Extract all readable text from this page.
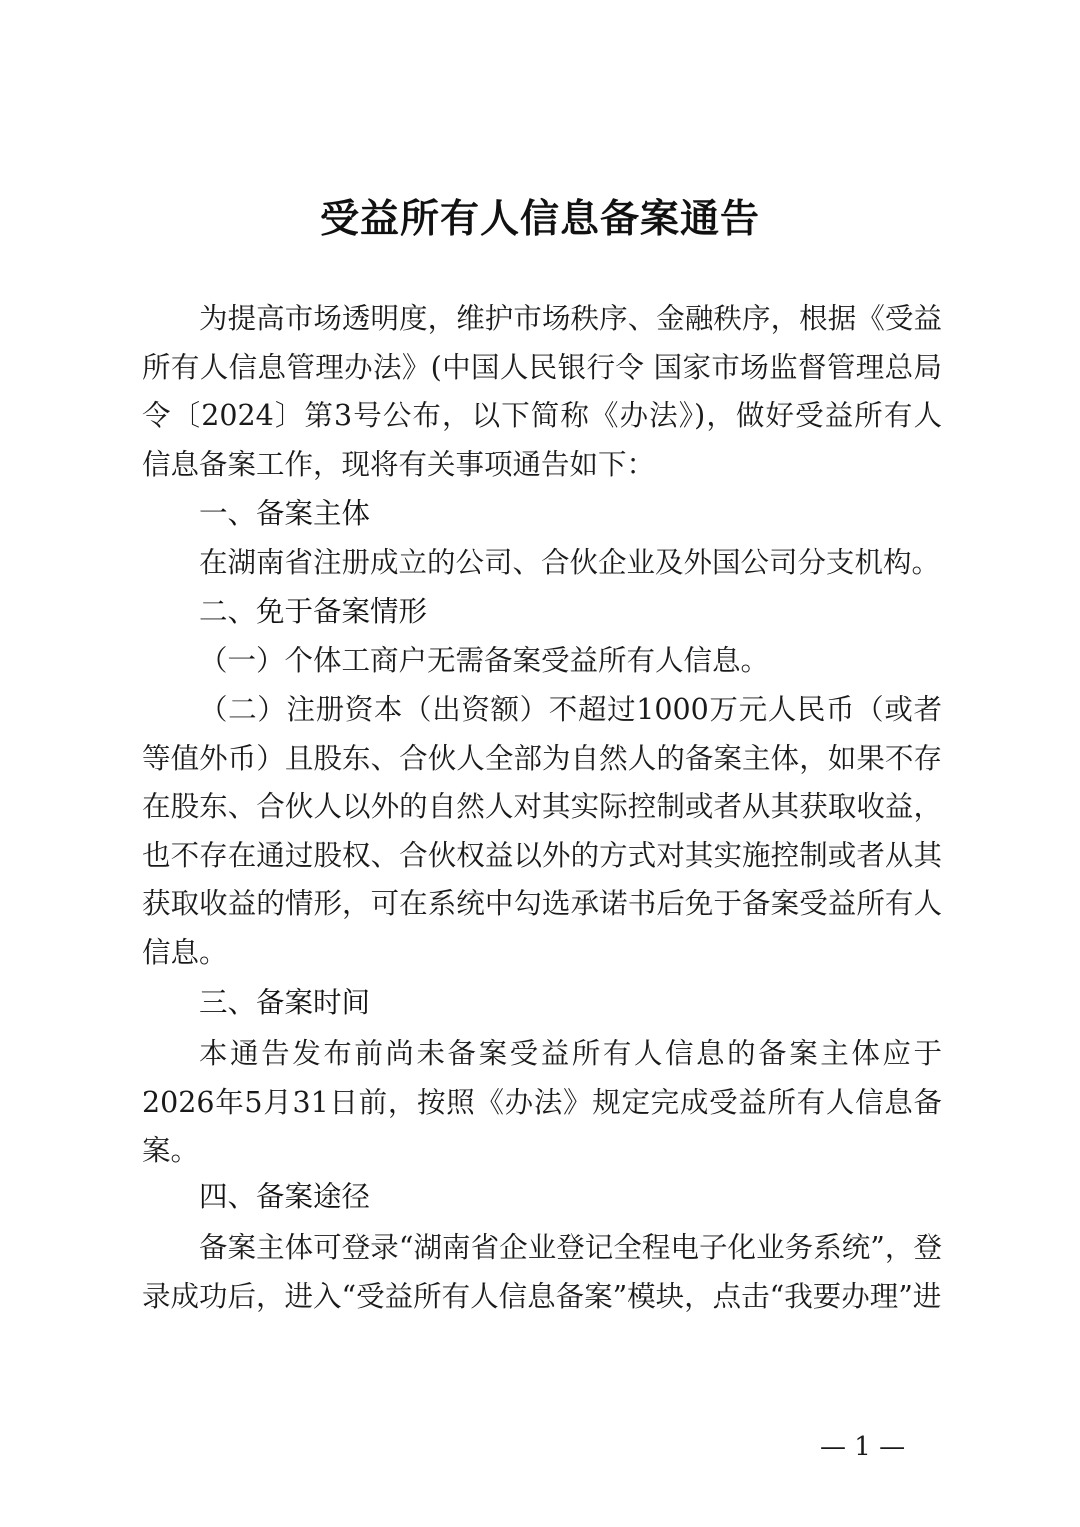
受益所有人信息备案通告
为提高市场透明度，维护市场秩序、金融秩序，根据《受益所有人信息管理办法》(中国人民银行令 国家市场监督管理总局令〔2024〕第3号公布，以下简称《办法》)，做好受益所有人信息备案工作，现将有关事项通告如下：
一、备案主体
在湖南省注册成立的公司、合伙企业及外国公司分支机构。
二、免于备案情形
（一）个体工商户无需备案受益所有人信息。
（二）注册资本（出资额）不超过1000万元人民币（或者等值外币）且股东、合伙人全部为自然人的备案主体，如果不存在股东、合伙人以外的自然人对其实际控制或者从其获取收益，也不存在通过股权、合伙权益以外的方式对其实施控制或者从其获取收益的情形，可在系统中勾选承诺书后免于备案受益所有人信息。
三、备案时间
本通告发布前尚未备案受益所有人信息的备案主体应于2026年5月31日前，按照《办法》规定完成受益所有人信息备案。
四、备案途径
备案主体可登录“湖南省企业登记全程电子化业务系统”，登录成功后，进入“受益所有人信息备案”模块，点击“我要办理”进
— 1 —
